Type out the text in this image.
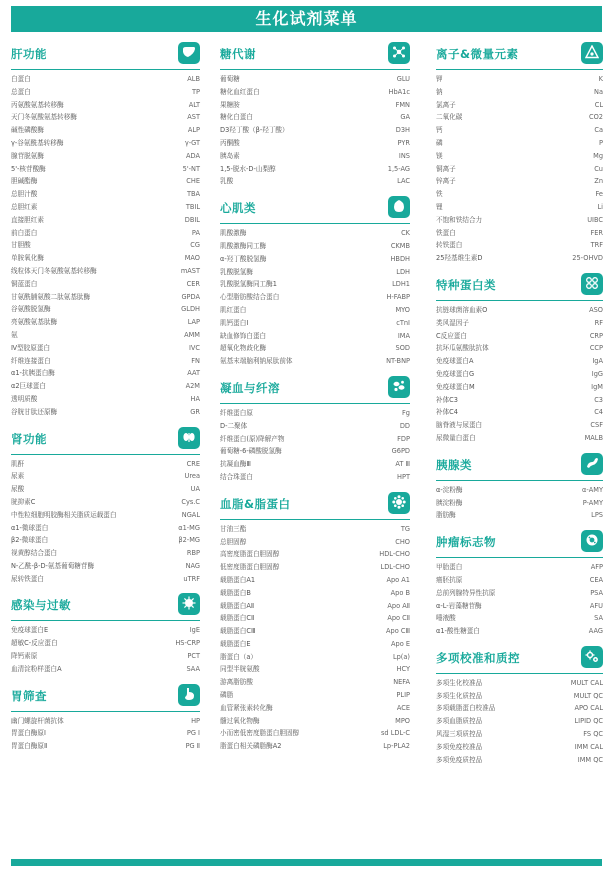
生化试剂菜单
肝功能
白蛋白	ALB
总蛋白	TP
丙氨酸氨基转移酶	ALT
天门冬氨酸氨基转移酶	AST
碱性磷酸酶	ALP
γ-谷氨酰基转移酶	γ-GT
腺苷脱氨酶	ADA
5'-核苷酸酶	5'-NT
胆碱酯酶	CHE
总胆汁酸	TBA
总胆红素	TBIL
直接胆红素	DBIL
前白蛋白	PA
甘胆酸	CG
单胺氧化酶	MAO
线粒体天门冬氨酸氨基转移酶	mAST
铜蓝蛋白	CER
甘氨酰脯氨酸二肽氨基肽酶	GPDA
谷氨酸脱氢酶	GLDH
亮氨酸氨基肽酶	LAP
氨	AMM
Ⅳ型胶原蛋白	IVC
纤维连接蛋白	FN
α1-抗胰蛋白酶	AAT
α2巨球蛋白	A2M
透明质酸	HA
谷胱甘肽还原酶	GR
肾功能
肌酐	CRE
尿素	Urea
尿酸	UA
胱抑素C	Cys.C
中性粒细胞明胶酶相关脂质运载蛋白	NGAL
α1-微球蛋白	α1-MG
β2-微球蛋白	β2-MG
视黄醇结合蛋白	RBP
N-乙酰-β-D-氨基葡萄糖苷酶	NAG
尿转铁蛋白	uTRF
感染与过敏
免疫球蛋白E	IgE
超敏C-反应蛋白	HS-CRP
降钙素原	PCT
血清淀粉样蛋白A	SAA
胃筛查
幽门螺旋杆菌抗体	HP
胃蛋白酶原Ⅰ	PG Ⅰ
胃蛋白酶原Ⅱ	PG Ⅱ
糖代谢
葡萄糖	GLU
糖化血红蛋白	HbA1c
果糖胺	FMN
糖化白蛋白	GA
D3羟丁酸（β-羟丁酸）	D3H
丙酮酸	PYR
胰岛素	INS
1,5-脱水-D-山梨醇	1,5-AG
乳酸	LAC
心肌类
肌酸激酶	CK
肌酸激酶同工酶	CKMB
α-羟丁酸脱氢酶	HBDH
乳酸脱氢酶	LDH
乳酸脱氢酶同工酶1	LDH1
心型脂肪酸结合蛋白	H-FABP
肌红蛋白	MYO
肌钙蛋白I	cTnI
缺血修饰白蛋白	IMA
超氧化物歧化酶	SOD
氨基末端脑利钠尿肽前体	NT-BNP
凝血与纤溶
纤维蛋白原	Fg
D-二聚体	DD
纤维蛋白(原)降解产物	FDP
葡萄糖-6-磷酸脱氢酶	G6PD
抗凝血酶Ⅲ	AT Ⅲ
结合珠蛋白	HPT
血脂&脂蛋白
甘油三酯	TG
总胆固醇	CHO
高密度脂蛋白胆固醇	HDL-CHO
低密度脂蛋白胆固醇	LDL-CHO
载脂蛋白A1	Apo A1
载脂蛋白B	Apo B
载脂蛋白AⅡ	Apo AⅡ
载脂蛋白CⅡ	Apo CⅡ
载脂蛋白CⅢ	Apo CⅢ
载脂蛋白E	Apo E
脂蛋白（a）	Lp(a)
同型半胱氨酸	HCY
游离脂肪酸	NEFA
磷脂	PLIP
血管紧张素转化酶	ACE
髓过氧化物酶	MPO
小而密低密度脂蛋白胆固醇	sd LDL-C
脂蛋白相关磷脂酶A2	Lp-PLA2
离子&微量元素
钾	K
钠	Na
氯离子	CL
二氧化碳	CO2
钙	Ca
磷	P
镁	Mg
铜离子	Cu
锌离子	Zn
铁	Fe
锂	Li
不饱和铁结合力	UIBC
铁蛋白	FER
转铁蛋白	TRF
25羟基维生素D	25-OHVD
特种蛋白类
抗链球菌溶血素O	ASO
类风湿因子	RF
C反应蛋白	CRP
抗环瓜氨酸肽抗体	CCP
免疫球蛋白A	IgA
免疫球蛋白G	IgG
免疫球蛋白M	IgM
补体C3	C3
补体C4	C4
脑脊液与尿蛋白	CSF
尿微量白蛋白	MALB
胰腺类
α-淀粉酶	α-AMY
胰淀粉酶	P-AMY
脂肪酶	LPS
肿瘤标志物
甲胎蛋白	AFP
癌胚抗原	CEA
总前列腺特异性抗原	PSA
α-L-岩藻糖苷酶	AFU
唾液酸	SA
α1-酸性糖蛋白	AAG
多项校准和质控
多项生化校准品	MULT CAL
多项生化质控品	MULT QC
多项载脂蛋白校准品	APO CAL
多项血脂质控品	LIPID QC
风湿三项质控品	FS QC
多项免疫校准品	IMM CAL
多项免疫质控品	IMM QC
